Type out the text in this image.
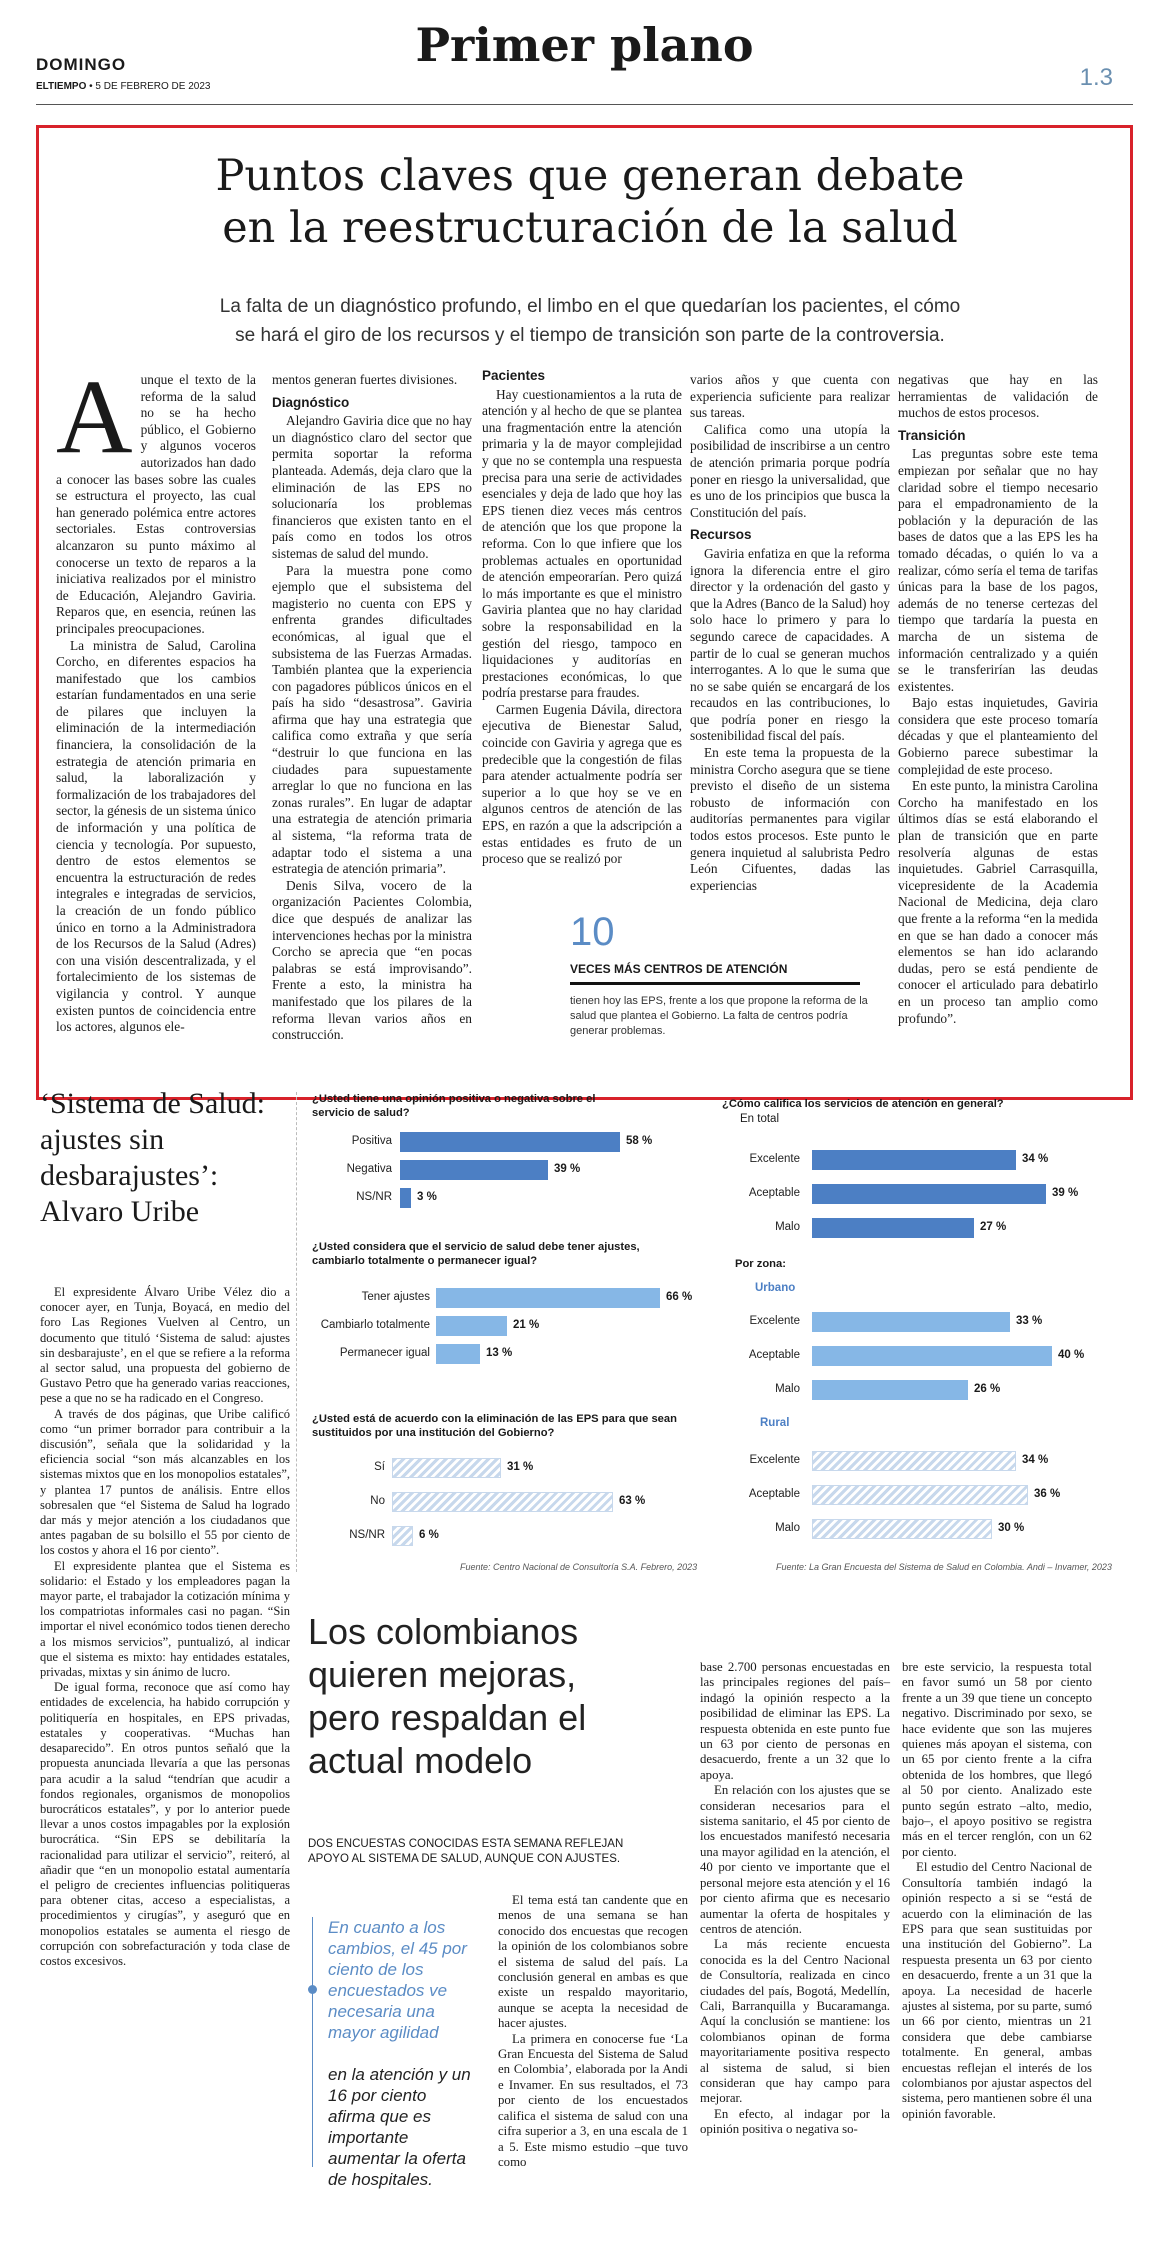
DOMINGO	Primer plano
ELTIEMPO • 5 DE FEBRERO DE 2023	1.3
Puntos claves que generan debate
en la reestructuración de la salud
La falta de un diagnóstico profundo, el limbo en el que quedarían los pacientes, el cómo
se hará el giro de los recursos y el tiempo de transición son parte de la controversia.
A unque el texto de la reforma de la salud no se ha hecho público, el Gobierno y algunos voceros autorizados han dado a conocer las bases sobre las cuales se estructura el proyecto, las cual han generado polémica entre actores sectoriales. Estas controversias alcanzaron su punto máximo al conocerse un texto de reparos a la iniciativa realizados por el ministro de Educación, Alejandro Gaviria. Reparos que, en esencia, reúnen las principales preocupaciones.

La ministra de Salud, Carolina Corcho, en diferentes espacios ha manifestado que los cambios estarían fundamentados en una serie de pilares que incluyen la eliminación de la intermediación financiera, la consolidación de la estrategia de atención primaria en salud, la laboralización y formalización de los trabajadores del sector, la génesis de un sistema único de información y una política de ciencia y tecnología. Por supuesto, dentro de estos elementos se encuentra la estructuración de redes integrales e integradas de servicios, la creación de un fondo público único en torno a la Administradora de los Recursos de la Salud (Adres) con una visión descentralizada, y el fortalecimiento de los sistemas de vigilancia y control. Y aunque existen puntos de coincidencia entre los actores, algunos ele-

mentos generan fuertes divisiones.

Diagnóstico

Alejandro Gaviria dice que no hay un diagnóstico claro del sector que permita soportar la reforma planteada. Además, deja claro que la eliminación de las EPS no solucionaría los problemas financieros que existen tanto en el país como en todos los otros sistemas de salud del mundo.

Para la muestra pone como ejemplo que el subsistema del magisterio no cuenta con EPS y enfrenta grandes dificultades económicas, al igual que el subsistema de las Fuerzas Armadas. También plantea que la experiencia con pagadores públicos únicos en el país ha sido “desastrosa”. Gaviria afirma que hay una estrategia que califica como extraña y que sería “destruir lo que funciona en las ciudades para supuestamente arreglar lo que no funciona en las zonas rurales”. En lugar de adaptar una estrategia de atención primaria al sistema, “la reforma trata de adaptar todo el sistema a una estrategia de atención primaria”.

Denis Silva, vocero de la organización Pacientes Colombia, dice que después de analizar las intervenciones hechas por la ministra Corcho se aprecia que “en pocas palabras se está improvisando”. Frente a esto, la ministra ha manifestado que los pilares de la reforma llevan varios años en construcción.

Pacientes

Hay cuestionamientos a la ruta de atención y al hecho de que se plantea una fragmentación entre la atención primaria y la de mayor complejidad y que no se contempla una respuesta precisa para una serie de actividades esenciales y deja de lado que hoy las EPS tienen diez veces más centros de atención que los que propone la reforma. Con lo que infiere que los problemas actuales en oportunidad de atención empeorarían. Pero quizá lo más importante es que el ministro Gaviria plantea que no hay claridad sobre la responsabilidad en la gestión del riesgo, tampoco en liquidaciones y auditorías en prestaciones económicas, lo que podría prestarse para fraudes.

Carmen Eugenia Dávila, directora ejecutiva de Bienestar Salud, coincide con Gaviria y agrega que es predecible que la congestión de filas para atender actualmente podría ser superior a lo que hoy se ve en algunos centros de atención de las EPS, en razón a que la adscripción a estas entidades es fruto de un proceso que se realizó por

varios años y que cuenta con experiencia suficiente para realizar sus tareas.

Califica como una utopía la posibilidad de inscribirse a un centro de atención primaria porque podría poner en riesgo la universalidad, que es uno de los principios que busca la Constitución del país.

Recursos

Gaviria enfatiza en que la reforma ignora la diferencia entre el giro director y la ordenación del gasto y que la Adres (Banco de la Salud) hoy solo hace lo primero y para lo segundo carece de capacidades. A partir de lo cual se generan muchos interrogantes. A lo que le suma que no se sabe quién se encargará de los recaudos en las contribuciones, lo que podría poner en riesgo la sostenibilidad fiscal del país.

En este tema la propuesta de la ministra Corcho asegura que se tiene previsto el diseño de un sistema robusto de información con auditorías permanentes para vigilar todos estos procesos. Este punto le genera inquietud al salubrista Pedro León Cifuentes, dadas las experiencias

negativas que hay en las herramientas de validación de muchos de estos procesos.

Transición

Las preguntas sobre este tema empiezan por señalar que no hay claridad sobre el tiempo necesario para el empadronamiento de la población y la depuración de las bases de datos que a las EPS les ha tomado décadas, o quién lo va a realizar, cómo sería el tema de tarifas únicas para la base de los pagos, además de no tenerse certezas del tiempo que tardaría la puesta en marcha de un sistema de información centralizado y a quién se le transferirían las deudas existentes.

Bajo estas inquietudes, Gaviria considera que este proceso tomaría décadas y que el planteamiento del Gobierno parece subestimar la complejidad de este proceso.

En este punto, la ministra Carolina Corcho ha manifestado en los últimos días se está elaborando el plan de transición que en parte resolvería algunas de estas inquietudes. Gabriel Carrasquilla, vicepresidente de la Academia Nacional de Medicina, deja claro que frente a la reforma “en la medida en que se han dado a conocer más elementos se han ido aclarando dudas, pero se está pendiente de conocer el articulado para debatirlo en un proceso tan amplio como profundo”.

10
VECES MÁS CENTROS DE ATENCIÓN
tienen hoy las EPS, frente a los que propone la reforma de la salud que plantea el Gobierno. La falta de centros podría generar problemas.
‘Sistema de Salud: ajustes sin desbarajustes’: Alvaro Uribe

El expresidente Álvaro Uribe Vélez dio a conocer ayer, en Tunja, Boyacá, en medio del foro Las Regiones Vuelven al Centro, un documento que tituló ‘Sistema de salud: ajustes sin desbarajuste’, en el que se refiere a la reforma al sector salud, una propuesta del gobierno de Gustavo Petro que ha generado varias reacciones, pese a que no se ha radicado en el Congreso.

A través de dos páginas, que Uribe calificó como “un primer borrador para contribuir a la discusión”, señala que la solidaridad y la eficiencia social “son más alcanzables en los sistemas mixtos que en los monopolios estatales”, y plantea 17 puntos de análisis. Entre ellos sobresalen que “el Sistema de Salud ha logrado dar más y mejor atención a los ciudadanos que antes pagaban de su bolsillo el 55 por ciento de los costos y ahora el 16 por ciento”.

El expresidente plantea que el Sistema es solidario: el Estado y los empleadores pagan la mayor parte, el trabajador la cotización mínima y los compatriotas informales casi no pagan. “Sin importar el nivel económico todos tienen derecho a los mismos servicios”, puntualizó, al indicar que el sistema es mixto: hay entidades estatales, privadas, mixtas y sin ánimo de lucro.

De igual forma, reconoce que así como hay entidades de excelencia, ha habido corrupción y politiquería en hospitales, en EPS privadas, estatales y cooperativas. “Muchas han desaparecido”. En otros puntos señaló que la propuesta anunciada llevaría a que las personas para acudir a la salud “tendrían que acudir a fondos regionales, organismos de monopolios burocráticos estatales”, y por lo anterior puede llevar a unos costos impagables por la explosión burocrática. “Sin EPS se debilitaría la racionalidad para utilizar el servicio”, reiteró, al añadir que “en un monopolio estatal aumentaría el peligro de crecientes influencias politiqueras para obtener citas, acceso a especialistas, a procedimientos y cirugías”, y aseguró que en monopolios estatales se aumenta el riesgo de corrupción con sobrefacturación y toda clase de costos excesivos.

¿Usted tiene una opinión positiva o negativa sobre el servicio de salud?
¿Usted considera que el servicio de salud debe tener ajustes, cambiarlo totalmente o permanecer igual?
¿Usted está de acuerdo con la eliminación de las EPS para que sean sustituidos por una institución del Gobierno?
Fuente: Centro Nacional de Consultoría S.A. Febrero, 2023
¿Cómo califica los servicios de atención en general?
En total
Por zona:
Urbano
Rural
Fuente: La Gran Encuesta del Sistema de Salud en Colombia. Andi – Invamer, 2023
Positiva	58 %
Negativa	39 %
NS/NR 3 %
Tener ajustes	66 %
Cambiarlo totalmente	21 %
Permanecer igual	13 %
Sí	31 %
No	63 %
NS/NR	6 %
Excelente	34 %
Aceptable	39 %
Malo	27 %
Excelente	33 %
Aceptable	40 %
Malo	26 %
Excelente	34 %
Aceptable	36 %
Malo	30 %
Los colombianos quieren mejoras, pero respaldan el actual modelo
DOS ENCUESTAS CONOCIDAS ESTA SEMANA REFLEJAN APOYO AL SISTEMA DE SALUD, AUNQUE CON AJUSTES.
En cuanto a los cambios, el 45 por ciento de los encuestados ve necesaria una mayor agilidad
en la atención y un 16 por ciento afirma que es importante aumentar la oferta de hospitales.

El tema está tan candente que en menos de una semana se han conocido dos encuestas que recogen la opinión de los colombianos sobre el sistema de salud del país. La conclusión general en ambas es que existe un respaldo mayoritario, aunque se acepta la necesidad de hacer ajustes.

La primera en conocerse fue ‘La Gran Encuesta del Sistema de Salud en Colombia’, elaborada por la Andi e Invamer. En sus resultados, el 73 por ciento de los encuestados califica el sistema de salud con una cifra superior a 3, en una escala de 1 a 5. Este mismo estudio –que tuvo como

base 2.700 personas encuestadas en las principales regiones del país– indagó la opinión respecto a la posibilidad de eliminar las EPS. La respuesta obtenida en este punto fue un 63 por ciento de personas en desacuerdo, frente a un 32 que lo apoya.

En relación con los ajustes que se consideran necesarios para el sistema sanitario, el 45 por ciento de los encuestados manifestó necesaria una mayor agilidad en la atención, el 40 por ciento ve importante que el personal mejore esta atención y el 16 por ciento afirma que es necesario aumentar la oferta de hospitales y centros de atención.

La más reciente encuesta conocida es la del Centro Nacional de Consultoría, realizada en cinco ciudades del país, Bogotá, Medellín, Cali, Barranquilla y Bucaramanga. Aquí la conclusión se mantiene: los colombianos opinan de forma mayoritariamente positiva respecto al sistema de salud, si bien consideran que hay campo para mejorar.

En efecto, al indagar por la opinión positiva o negativa so-

bre este servicio, la respuesta total en favor sumó un 58 por ciento frente a un 39 que tiene un concepto negativo. Discriminado por sexo, se hace evidente que son las mujeres quienes más apoyan el sistema, con un 65 por ciento frente a la cifra obtenida de los hombres, que llegó al 50 por ciento. Analizado este punto según estrato –alto, medio, bajo–, el apoyo positivo se registra más en el tercer renglón, con un 62 por ciento.

El estudio del Centro Nacional de Consultoría también indagó la opinión respecto a si se “está de acuerdo con la eliminación de las EPS para que sean sustituidas por una institución del Gobierno”. La respuesta presenta un 63 por ciento en desacuerdo, frente a un 31 que la apoya. La necesidad de hacerle ajustes al sistema, por su parte, sumó un 66 por ciento, mientras un 21 considera que debe cambiarse totalmente. En general, ambas encuestas reflejan el interés de los colombianos por ajustar aspectos del sistema, pero mantienen sobre él una opinión favorable.
